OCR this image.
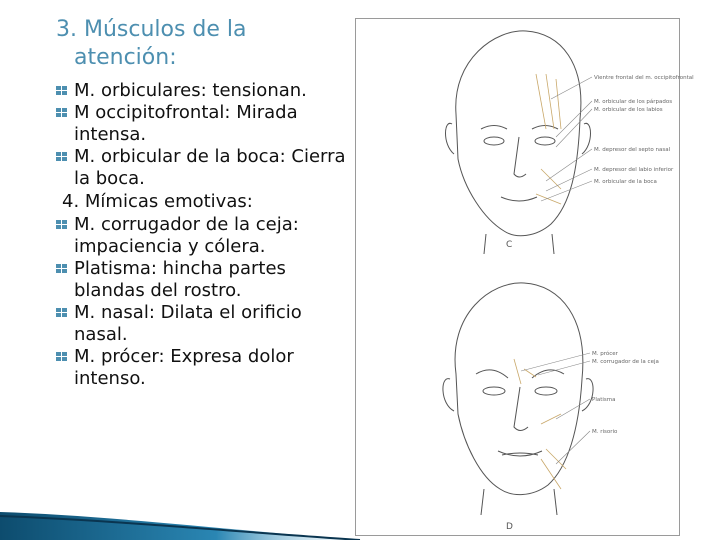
3. Músculos de la
atención:
M. orbiculares: tensionan.
M occipitofrontal: Mirada intensa.
M. orbicular de la boca: Cierra la boca.
4. Mímicas emotivas:
M. corrugador de la ceja: impaciencia y cólera.
Platisma: hincha partes blandas del rostro.
M. nasal: Dilata el orificio nasal.
M. prócer: Expresa dolor intenso.
Vientre frontal del m. occipitofrontal
M. orbicular de los párpados
M. orbicular de los labios
M. depresor del septo nasal
M. depresor del labio inferior
M. orbicular de la boca
C
M. prócer
M. corrugador de la ceja
Platisma
M. risorio
D
